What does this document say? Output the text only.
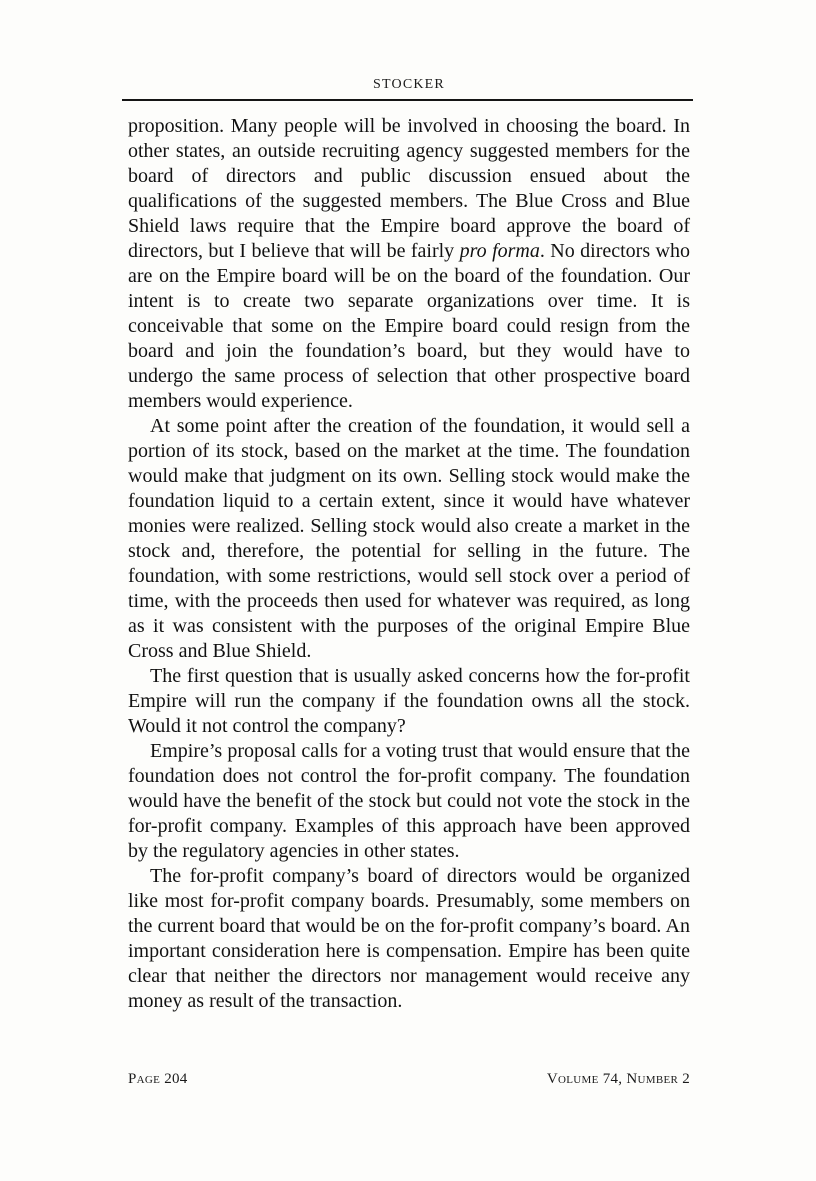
STOCKER

proposition. Many people will be involved in choosing the board. In other states, an outside recruiting agency suggested members for the board of directors and public discussion ensued about the qualifications of the suggested members. The Blue Cross and Blue Shield laws require that the Empire board approve the board of directors, but I believe that will be fairly pro forma. No directors who are on the Empire board will be on the board of the foundation. Our intent is to create two separate organizations over time. It is conceivable that some on the Empire board could resign from the board and join the foundation’s board, but they would have to undergo the same process of selection that other prospective board members would experience.

At some point after the creation of the foundation, it would sell a portion of its stock, based on the market at the time. The foundation would make that judgment on its own. Selling stock would make the foundation liquid to a certain extent, since it would have whatever monies were realized. Selling stock would also create a market in the stock and, therefore, the potential for selling in the future. The foundation, with some restrictions, would sell stock over a period of time, with the proceeds then used for whatever was required, as long as it was consistent with the purposes of the original Empire Blue Cross and Blue Shield.

The first question that is usually asked concerns how the for-profit Empire will run the company if the foundation owns all the stock. Would it not control the company?

Empire’s proposal calls for a voting trust that would ensure that the foundation does not control the for-profit company. The foundation would have the benefit of the stock but could not vote the stock in the for-profit company. Examples of this approach have been approved by the regulatory agencies in other states.

The for-profit company’s board of directors would be organized like most for-profit company boards. Presumably, some members on the current board that would be on the for-profit company’s board. An important consideration here is compensation. Empire has been quite clear that neither the directors nor management would receive any money as result of the transaction.

Page 204	Volume 74, Number 2
